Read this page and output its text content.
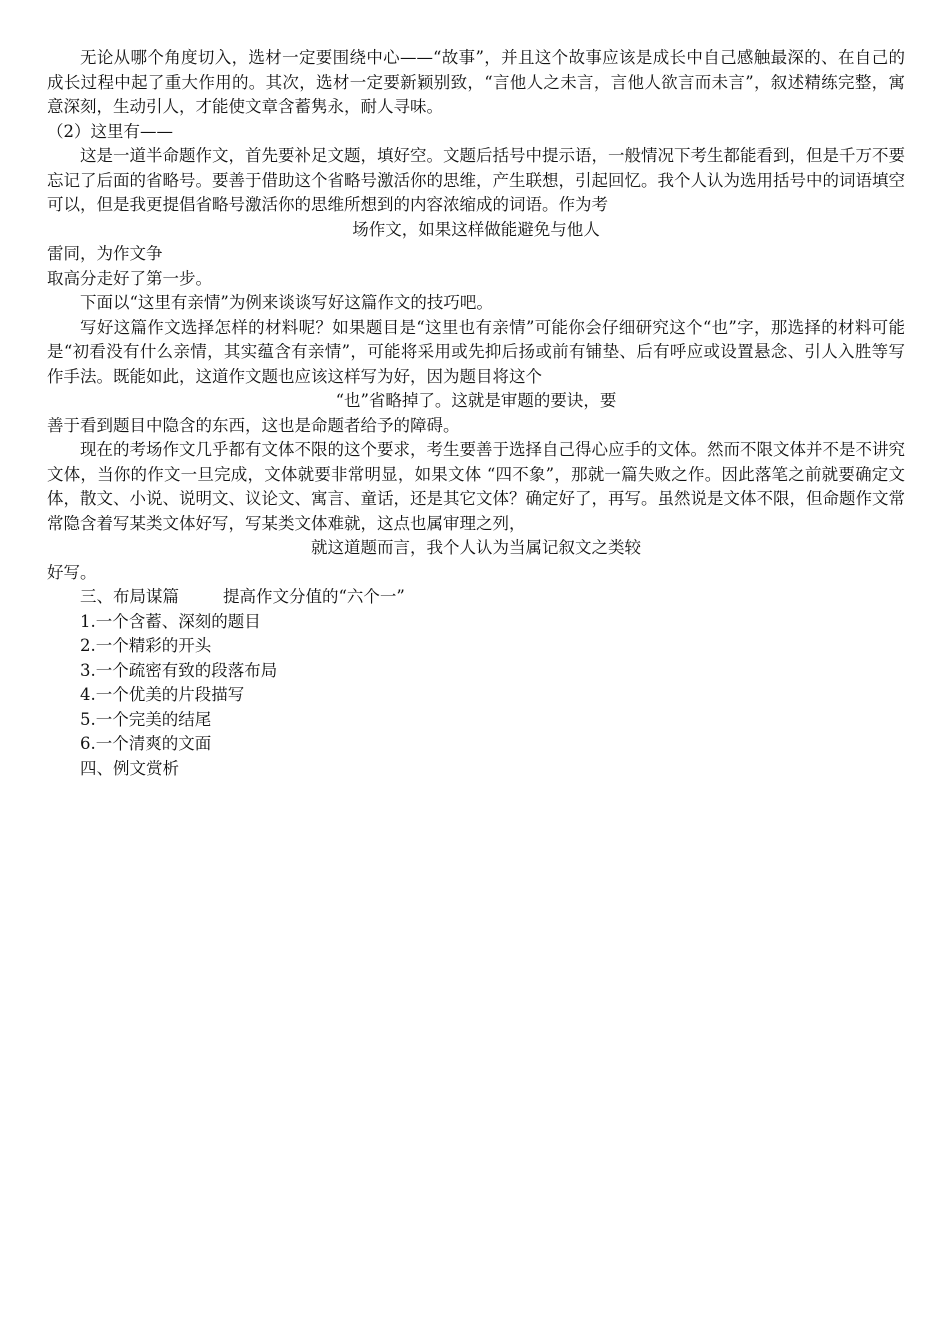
无论从哪个角度切入，选材一定要围绕中心——“故事”，并且这个故事应该是成长中自己感触最深的、在自己的成长过程中起了重大作用的。其次，选材一定要新颖别致，“言他人之未言，言他人欲言而未言”，叙述精练完整，寓意深刻，生动引人，才能使文章含蓄隽永，耐人寻味。

（2）这里有——

这是一道半命题作文，首先要补足文题，填好空。文题后括号中提示语，一般情况下考生都能看到，但是千万不要忘记了后面的省略号。要善于借助这个省略号激活你的思维，产生联想，引起回忆。我个人认为选用括号中的词语填空可以，但是我更提倡省略号激活你的思维所想到的内容浓缩成的词语。作为考

场作文，如果这样做能避免与他人

雷同，为作文争

取高分走好了第一步。

下面以“这里有亲情”为例来谈谈写好这篇作文的技巧吧。

写好这篇作文选择怎样的材料呢？如果题目是“这里也有亲情”可能你会仔细研究这个“也”字，那选择的材料可能是“初看没有什么亲情，其实蕴含有亲情”，可能将采用或先抑后扬或前有铺垫、后有呼应或设置悬念、引人入胜等写作手法。既能如此，这道作文题也应该这样写为好，因为题目将这个

“也”省略掉了。这就是审题的要诀，要

善于看到题目中隐含的东西，这也是命题者给予的障碍。

现在的考场作文几乎都有文体不限的这个要求，考生要善于选择自己得心应手的文体。然而不限文体并不是不讲究文体，当你的作文一旦完成，文体就要非常明显，如果文体 “四不象”，那就一篇失败之作。因此落笔之前就要确定文体，散文、小说、说明文、议论文、寓言、童话，还是其它文体？确定好了，再写。虽然说是文体不限，但命题作文常常隐含着写某类文体好写，写某类文体难就，这点也属审理之列，

就这道题而言，我个人认为当属记叙文之类较

好写。

三、布局谋篇	提高作文分值的“六个一”

1.一个含蓄、深刻的题目

2.一个精彩的开头

3.一个疏密有致的段落布局

4.一个优美的片段描写

5.一个完美的结尾

6.一个清爽的文面

四、例文赏析
